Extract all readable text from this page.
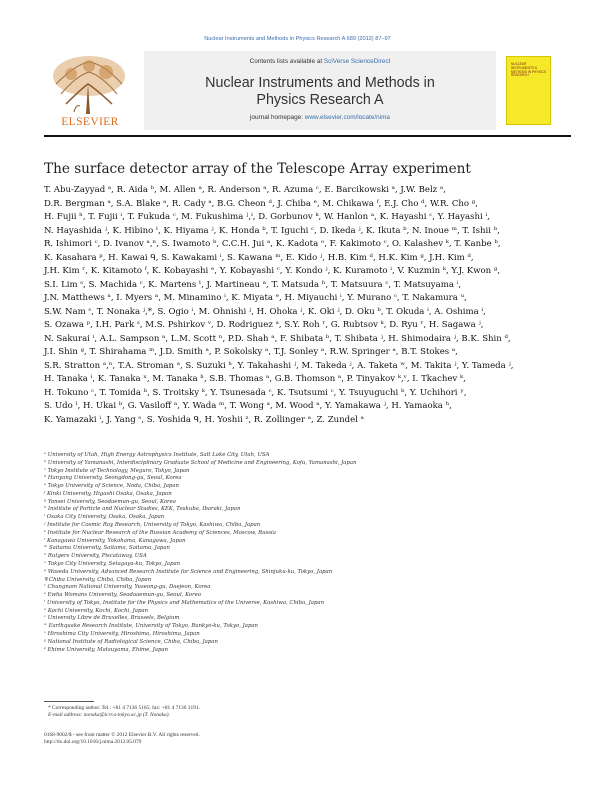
Nuclear Instruments and Methods in Physics Research A 689 (2012) 87–97
ELSEVIER
Contents lists available at SciVerse ScienceDirect
Nuclear Instruments and Methods in
Physics Research A
journal homepage: www.elsevier.com/locate/nima
NUCLEAR INSTRUMENTS & METHODS IN PHYSICS RESEARCH
The surface detector array of the Telescope Array experiment
T. Abu-Zayyad ᵃ, R. Aida ᵇ, M. Allen ᵃ, R. Anderson ᵃ, R. Azuma ᶜ, E. Barcikowski ᵃ, J.W. Belz ᵃ,
D.R. Bergman ᵃ, S.A. Blake ᵃ, R. Cady ᵃ, B.G. Cheon ᵈ, J. Chiba ᵉ, M. Chikawa ᶠ, E.J. Cho ᵈ, W.R. Cho ᵍ,
H. Fujii ʰ, T. Fujii ⁱ, T. Fukuda ᶜ, M. Fukushima ʲ,ⁱ, D. Gorbunov ᵏ, W. Hanlon ᵃ, K. Hayashi ᶜ, Y. Hayashi ⁱ,
N. Hayashida ʲ, K. Hibino ˡ, K. Hiyama ʲ, K. Honda ᵇ, T. Iguchi ᶜ, D. Ikeda ʲ, K. Ikuta ᵇ, N. Inoue ᵐ, T. Ishii ᵇ,
R. Ishimori ᶜ, D. Ivanov ᵃ,ⁿ, S. Iwamoto ᵇ, C.C.H. Jui ᵃ, K. Kadota ᵒ, F. Kakimoto ᶜ, O. Kalashev ᵏ, T. Kanbe ᵇ,
K. Kasahara ᵖ, H. Kawai ᑫ, S. Kawakami ⁱ, S. Kawana ᵐ, E. Kido ʲ, H.B. Kim ᵈ, H.K. Kim ᵍ, J.H. Kim ᵈ,
J.H. Kim ʳ, K. Kitamoto ᶠ, K. Kobayashi ᵉ, Y. Kobayashi ᶜ, Y. Kondo ʲ, K. Kuramoto ⁱ, V. Kuzmin ᵏ, Y.J. Kwon ᵍ,
S.I. Lim ˢ, S. Machida ᶜ, K. Martens ᵗ, J. Martineau ᵃ, T. Matsuda ʰ, T. Matsuura ᶜ, T. Matsuyama ⁱ,
J.N. Matthews ᵃ, I. Myers ᵃ, M. Minamino ⁱ, K. Miyata ᵉ, H. Miyauchi ⁱ, Y. Murano ᶜ, T. Nakamura ᵘ,
S.W. Nam ˢ, T. Nonaka ʲ,*, S. Ogio ⁱ, M. Ohnishi ʲ, H. Ohoka ʲ, K. Oki ʲ, D. Oku ᵇ, T. Okuda ⁱ, A. Oshima ⁱ,
S. Ozawa ᵖ, I.H. Park ˢ, M.S. Pshirkov ᵛ, D. Rodriguez ᵃ, S.Y. Roh ʳ, G. Rubtsov ᵏ, D. Ryu ʳ, H. Sagawa ʲ,
N. Sakurai ⁱ, A.L. Sampson ᵃ, L.M. Scott ⁿ, P.D. Shah ᵃ, F. Shibata ᵇ, T. Shibata ʲ, H. Shimodaira ʲ, B.K. Shin ᵈ,
J.I. Shin ᵍ, T. Shirahama ᵐ, J.D. Smith ᵃ, P. Sokolsky ᵃ, T.J. Sonley ᵃ, R.W. Springer ᵃ, B.T. Stokes ᵃ,
S.R. Stratton ᵃ,ⁿ, T.A. Stroman ᵃ, S. Suzuki ʰ, Y. Takahashi ʲ, M. Takeda ʲ, A. Taketa ʷ, M. Takita ʲ, Y. Tameda ʲ,
H. Tanaka ⁱ, K. Tanaka ˣ, M. Tanaka ʰ, S.B. Thomas ᵃ, G.B. Thomson ᵃ, P. Tinyakov ᵏ,ᵛ, I. Tkachev ᵏ,
H. Tokuno ᶜ, T. Tomida ᵇ, S. Troitsky ᵏ, Y. Tsunesada ᶜ, K. Tsutsumi ᶜ, Y. Tsuyuguchi ᵇ, Y. Uchihori ʸ,
S. Udo ˡ, H. Ukai ᵇ, G. Vasiloff ᵃ, Y. Wada ᵐ, T. Wong ᵃ, M. Wood ᵃ, Y. Yamakawa ʲ, H. Yamaoka ʰ,
K. Yamazaki ⁱ, J. Yang ˢ, S. Yoshida ᑫ, H. Yoshii ᶻ, R. Zollinger ᵃ, Z. Zundel ᵃ
ᵃ University of Utah, High Energy Astrophysics Institute, Salt Lake City, Utah, USA
ᵇ University of Yamanashi, Interdisciplinary Graduate School of Medicine and Engineering, Kofu, Yamanashi, Japan
ᶜ Tokyo Institute of Technology, Meguro, Tokyo, Japan
ᵈ Hanyang University, Seongdong-gu, Seoul, Korea
ᵉ Tokyo University of Science, Noda, Chiba, Japan
ᶠ Kinki University, Higashi Osaka, Osaka, Japan
ᵍ Yonsei University, Seodaemun-gu, Seoul, Korea
ʰ Institute of Particle and Nuclear Studies, KEK, Tsukuba, Ibaraki, Japan
ⁱ Osaka City University, Osaka, Osaka, Japan
ʲ Institute for Cosmic Ray Research, University of Tokyo, Kashiwa, Chiba, Japan
ᵏ Institute for Nuclear Research of the Russian Academy of Sciences, Moscow, Russia
ˡ Kanagawa University, Yokohama, Kanagawa, Japan
ᵐ Saitama University, Saitama, Saitama, Japan
ⁿ Rutgers University, Piscataway, USA
ᵒ Tokyo City University, Setagaya-ku, Tokyo, Japan
ᵖ Waseda University, Advanced Research Institute for Science and Engineering, Shinjuku-ku, Tokyo, Japan
ᑫ Chiba University, Chiba, Chiba, Japan
ʳ Chungnam National University, Yuseong-gu, Daejeon, Korea
ˢ Ewha Womans University, Seodaaemun-gu, Seoul, Korea
ᵗ University of Tokyo, Institute for the Physics and Mathematics of the Universe, Kashiwa, Chiba, Japan
ᵘ Kochi University, Kochi, Kochi, Japan
ᵛ University Libre de Bruxelles, Brussels, Belgium
ʷ Earthquake Research Institute, University of Tokyo, Bunkyo-ku, Tokyo, Japan
ˣ Hiroshima City University, Hiroshima, Hiroshima, Japan
ʸ National Institute of Radiological Science, Chiba, Chiba, Japan
ᶻ Ehime University, Matsuyama, Ehime, Japan
* Corresponding author. Tel.: +81 4 7136 5165; fax: +81 4 7136 3191.
E-mail address: nonaka@icrr.u-tokyo.ac.jp (T. Nonaka).
0168-9002/$ - see front matter © 2012 Elsevier B.V. All rights reserved.
http://dx.doi.org/10.1016/j.nima.2012.05.079
